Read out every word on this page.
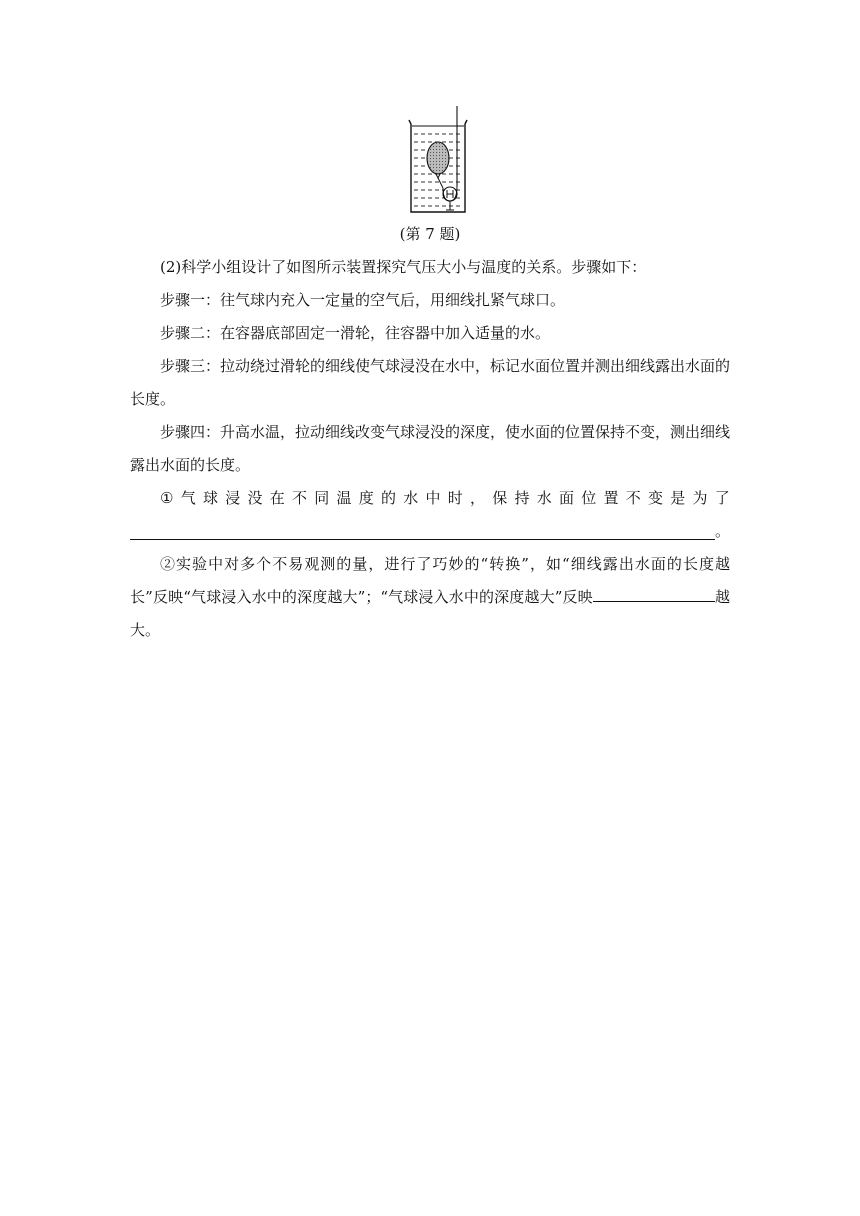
(第 7 题)

(2)科学小组设计了如图所示装置探究气压大小与温度的关系。步骤如下：

步骤一：往气球内充入一定量的空气后，用细线扎紧气球口。

步骤二：在容器底部固定一滑轮，往容器中加入适量的水。

步骤三：拉动绕过滑轮的细线使气球浸没在水中，标记水面位置并测出细线露出水面的长度。

步骤四：升高水温，拉动细线改变气球浸没的深度，使水面的位置保持不变，测出细线露出水面的长度。

① 气 球 浸 没 在 不 同 温 度 的 水 中 时 ， 保 持 水 面 位 置 不 变 是 为 了
。

②实验中对多个不易观测的量，进行了巧妙的“转换”，如“细线露出水面的长度越长”反映“气球浸入水中的深度越大”；“气球浸入水中的深度越大”反映	越大。
